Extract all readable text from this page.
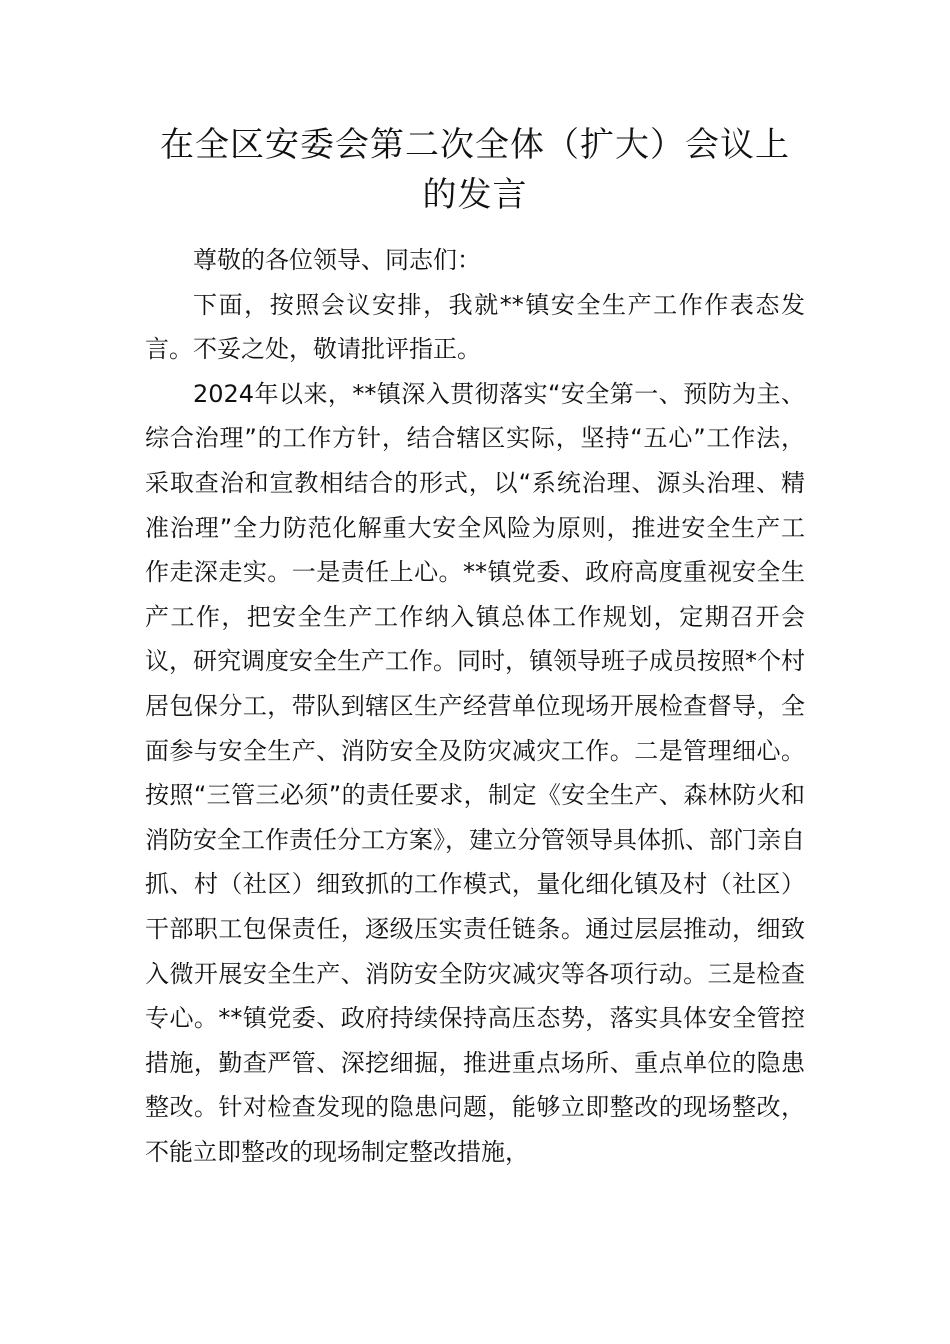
在全区安委会第二次全体（扩大）会议上的发言

尊敬的各位领导、同志们：

下面，按照会议安排，我就**镇安全生产工作作表态发言。不妥之处，敬请批评指正。

2024年以来，**镇深入贯彻落实“安全第一、预防为主、综合治理”的工作方针，结合辖区实际，坚持“五心”工作法，采取查治和宣教相结合的形式，以“系统治理、源头治理、精准治理”全力防范化解重大安全风险为原则，推进安全生产工作走深走实。一是责任上心。**镇党委、政府高度重视安全生产工作，把安全生产工作纳入镇总体工作规划，定期召开会议，研究调度安全生产工作。同时，镇领导班子成员按照*个村居包保分工，带队到辖区生产经营单位现场开展检查督导，全面参与安全生产、消防安全及防灾减灾工作。二是管理细心。按照“三管三必须”的责任要求，制定《安全生产、森林防火和消防安全工作责任分工方案》，建立分管领导具体抓、部门亲自抓、村（社区）细致抓的工作模式，量化细化镇及村（社区）干部职工包保责任，逐级压实责任链条。通过层层推动，细致入微开展安全生产、消防安全防灾减灾等各项行动。三是检查专心。**镇党委、政府持续保持高压态势，落实具体安全管控措施，勤查严管、深挖细掘，推进重点场所、重点单位的隐患整改。针对检查发现的隐患问题，能够立即整改的现场整改，不能立即整改的现场制定整改措施，
